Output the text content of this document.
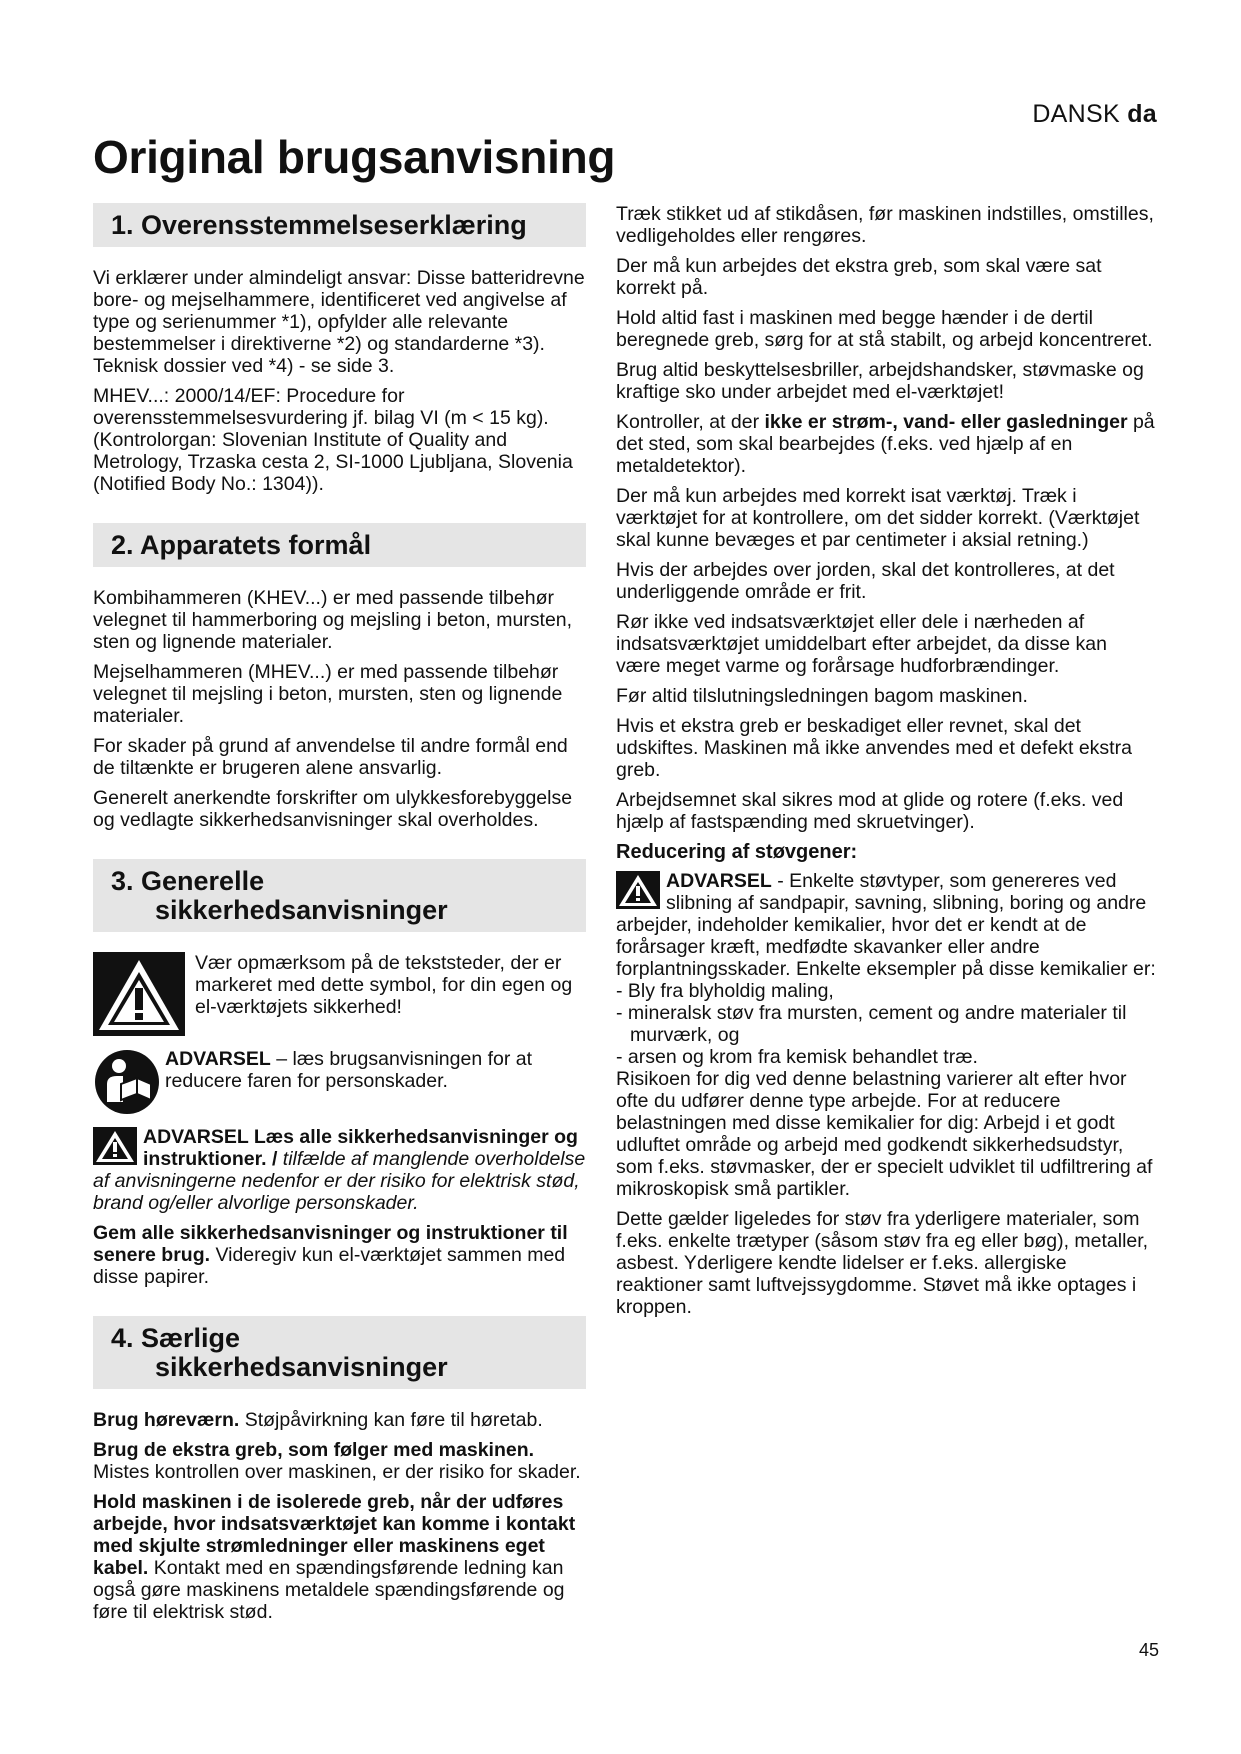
DANSK da
Original brugsanvisning
1. Overensstemmelseserklæring

Vi erklærer under almindeligt ansvar: Disse batteridrevne bore- og mejselhammere, identificeret ved angivelse af type og serienummer *1), opfylder alle relevante bestemmelser i direktiverne *2) og standarderne *3). Teknisk dossier ved *4) - se side 3.

MHEV...: 2000/14/EF: Procedure for overensstemmelsesvurdering jf. bilag VI (m < 15 kg). (Kontrolorgan: Slovenian Institute of Quality and Metrology, Trzaska cesta 2, SI-1000 Ljubljana, Slovenia (Notified Body No.: 1304)).

2. Apparatets formål

Kombihammeren (KHEV...) er med passende tilbehør velegnet til hammerboring og mejsling i beton, mursten, sten og lignende materialer.

Mejselhammeren (MHEV...) er med passende tilbehør velegnet til mejsling i beton, mursten, sten og lignende materialer.

For skader på grund af anvendelse til andre formål end de tiltænkte er brugeren alene ansvarlig.

Generelt anerkendte forskrifter om ulykkesforebyggelse og vedlagte sikkerhedsanvisninger skal overholdes.

3. Generelle
sikkerhedsanvisninger

Vær opmærksom på de tekststeder, der er markeret med dette symbol, for din egen og el-værktøjets sikkerhed!

ADVARSEL – læs brugsanvisningen for at reducere faren for personskader.

ADVARSEL Læs alle sikkerhedsanvisninger og instruktioner. / tilfælde af manglende overholdelse af anvisningerne nedenfor er der risiko for elektrisk stød, brand og/eller alvorlige personskader.

Gem alle sikkerhedsanvisninger og instruktioner til senere brug. Videregiv kun el-værktøjet sammen med disse papirer.

4. Særlige
sikkerhedsanvisninger

Brug høreværn. Støjpåvirkning kan føre til høretab.

Brug de ekstra greb, som følger med maskinen. Mistes kontrollen over maskinen, er der risiko for skader.

Hold maskinen i de isolerede greb, når der udføres arbejde, hvor indsatsværktøjet kan komme i kontakt med skjulte strømledninger eller maskinens eget kabel. Kontakt med en spændingsførende ledning kan også gøre maskinens metaldele spændingsførende og føre til elektrisk stød.

Træk stikket ud af stikdåsen, før maskinen indstilles, omstilles, vedligeholdes eller rengøres.

Der må kun arbejdes det ekstra greb, som skal være sat korrekt på.

Hold altid fast i maskinen med begge hænder i de dertil beregnede greb, sørg for at stå stabilt, og arbejd koncentreret.

Brug altid beskyttelsesbriller, arbejdshandsker, støvmaske og kraftige sko under arbejdet med el-værktøjet!

Kontroller, at der ikke er strøm-, vand- eller gasledninger på det sted, som skal bearbejdes (f.eks. ved hjælp af en metaldetektor).

Der må kun arbejdes med korrekt isat værktøj. Træk i værktøjet for at kontrollere, om det sidder korrekt. (Værktøjet skal kunne bevæges et par centimeter i aksial retning.)

Hvis der arbejdes over jorden, skal det kontrolleres, at det underliggende område er frit.

Rør ikke ved indsatsværktøjet eller dele i nærheden af indsatsværktøjet umiddelbart efter arbejdet, da disse kan være meget varme og forårsage hudforbrændinger.

Før altid tilslutningsledningen bagom maskinen.

Hvis et ekstra greb er beskadiget eller revnet, skal det udskiftes. Maskinen må ikke anvendes med et defekt ekstra greb.

Arbejdsemnet skal sikres mod at glide og rotere (f.eks. ved hjælp af fastspænding med skruetvinger).

Reducering af støvgener:

ADVARSEL - Enkelte støvtyper, som genereres ved slibning af sandpapir, savning, slibning, boring og andre arbejder, indeholder kemikalier, hvor det er kendt at de forårsager kræft, medfødte skavanker eller andre forplantningsskader. Enkelte eksempler på disse kemikalier er:

- Bly fra blyholdig maling,
- mineralsk støv fra mursten, cement og andre materialer til murværk, og
- arsen og krom fra kemisk behandlet træ.

Risikoen for dig ved denne belastning varierer alt efter hvor ofte du udfører denne type arbejde. For at reducere belastningen med disse kemikalier for dig: Arbejd i et godt udluftet område og arbejd med godkendt sikkerhedsudstyr, som f.eks. støvmasker, der er specielt udviklet til udfiltrering af mikroskopisk små partikler.

Dette gælder ligeledes for støv fra yderligere materialer, som f.eks. enkelte trætyper (såsom støv fra eg eller bøg), metaller, asbest. Yderligere kendte lidelser er f.eks. allergiske reaktioner samt luftvejssygdomme. Støvet må ikke optages i kroppen.

45
